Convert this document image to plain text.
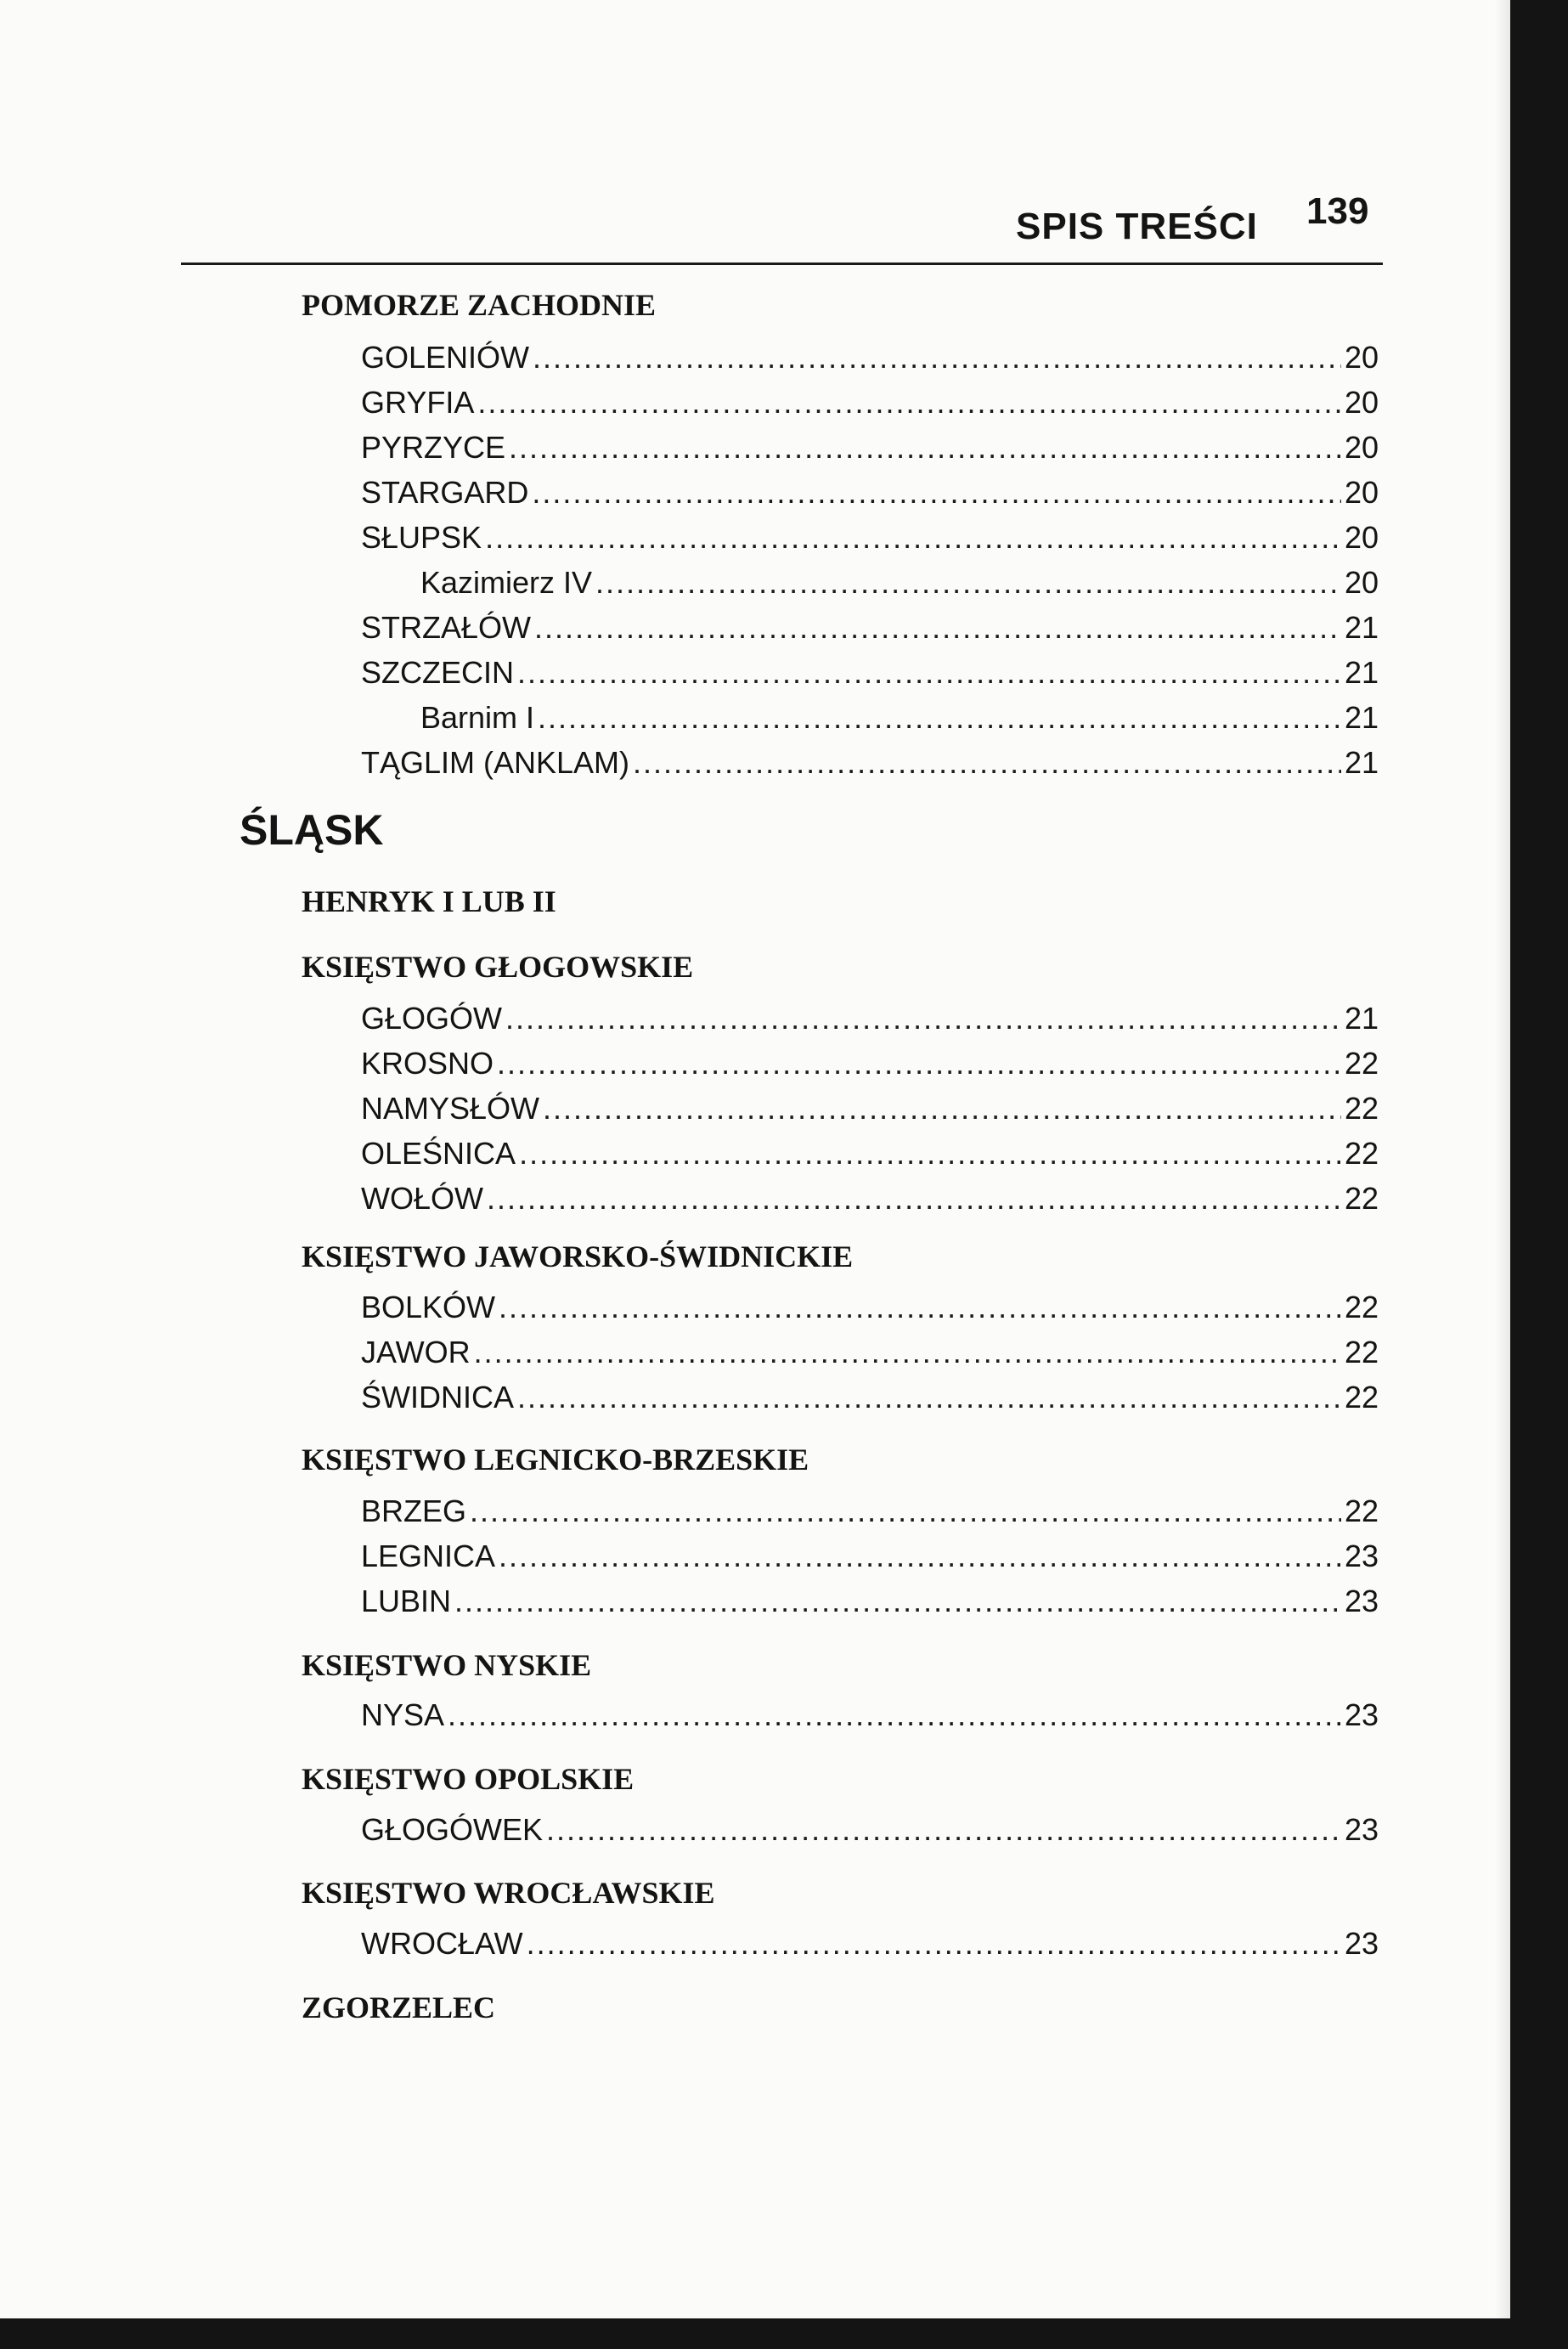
SPIS TREŚCI 139
POMORZE ZACHODNIE
GOLENIÓW .....	20
GRYFIA .....	20
PYRZYCE .....	20
STARGARD .....	20
SŁUPSK .....	20
Kazimierz IV .....	20
STRZAŁÓW .....	21
SZCZECIN .....	21
Barnim I .....	21
TĄGLIM (ANKLAM) .....	21
ŚLĄSK
HENRYK I LUB II
KSIĘSTWO GŁOGOWSKIE
GŁOGÓW .....	21
KROSNO .....	22
NAMYSŁÓW .....	22
OLEŚNICA .....	22
WOŁÓW .....	22
KSIĘSTWO JAWORSKO-ŚWIDNICKIE
BOLKÓW .....	22
JAWOR .....	22
ŚWIDNICA .....	22
KSIĘSTWO LEGNICKO-BRZESKIE
BRZEG .....	22
LEGNICA .....	23
LUBIN .....	23
KSIĘSTWO NYSKIE
NYSA .....	23
KSIĘSTWO OPOLSKIE
GŁOGÓWEK .....	23
KSIĘSTWO WROCŁAWSKIE
WROCŁAW .....	23
ZGORZELEC
